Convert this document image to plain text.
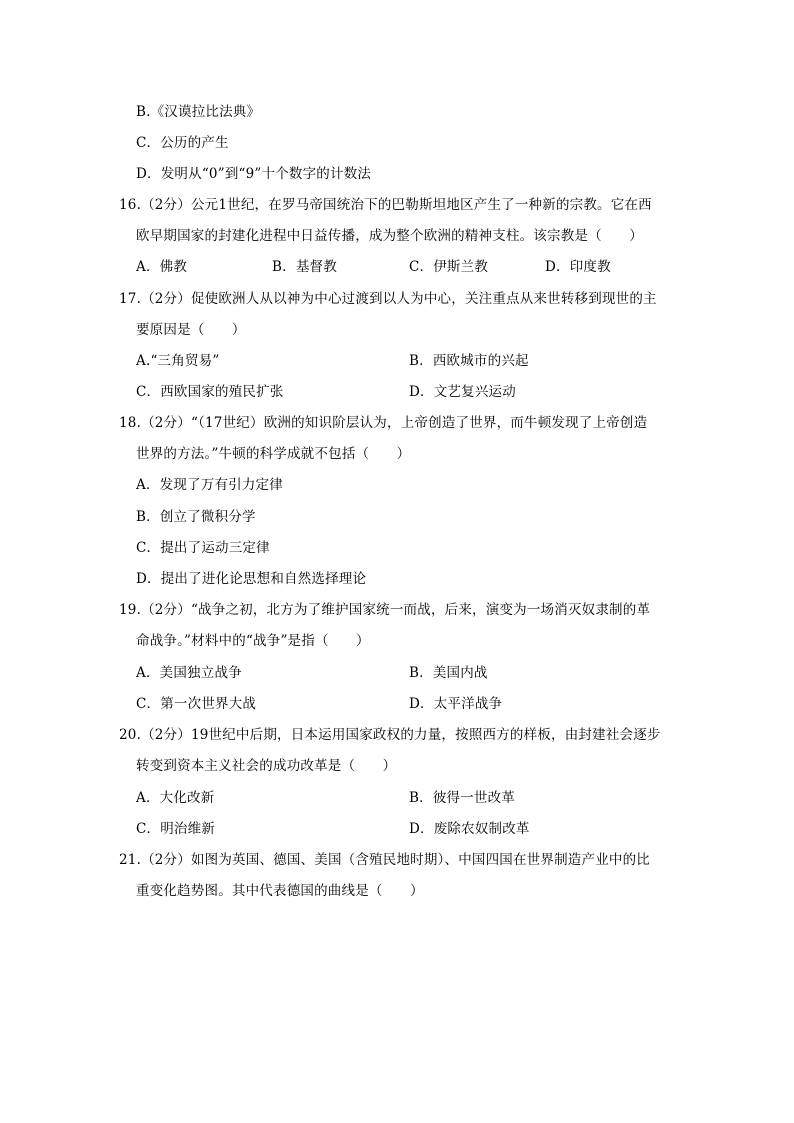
B.《汉谟拉比法典》
C．公历的产生
D．发明从“0”到“9”十个数字的计数法
16.（2分）公元1世纪，在罗马帝国统治下的巴勒斯坦地区产生了一种新的宗教。它在西
欧早期国家的封建化进程中日益传播，成为整个欧洲的精神支柱。该宗教是（　　）
A．佛教	B．基督教	C．伊斯兰教	D．印度教
17.（2分）促使欧洲人从以神为中心过渡到以人为中心，关注重点从来世转移到现世的主
要原因是（　　）
A.“三角贸易”	B．西欧城市的兴起
C．西欧国家的殖民扩张	D．文艺复兴运动
18.（2分）“（17世纪）欧洲的知识阶层认为，上帝创造了世界，而牛顿发现了上帝创造
世界的方法。”牛顿的科学成就不包括（　　）
A．发现了万有引力定律
B．创立了微积分学
C．提出了运动三定律
D．提出了进化论思想和自然选择理论
19.（2分）“战争之初，北方为了维护国家统一而战，后来，演变为一场消灭奴隶制的革
命战争。”材料中的“战争”是指（　　）
A．美国独立战争	B．美国内战
C．第一次世界大战	D．太平洋战争
20.（2分）19世纪中后期，日本运用国家政权的力量，按照西方的样板，由封建社会逐步
转变到资本主义社会的成功改革是（　　）
A．大化改新	B．彼得一世改革
C．明治维新	D．废除农奴制改革
21.（2分）如图为英国、德国、美国（含殖民地时期）、中国四国在世界制造产业中的比
重变化趋势图。其中代表德国的曲线是（　　）
